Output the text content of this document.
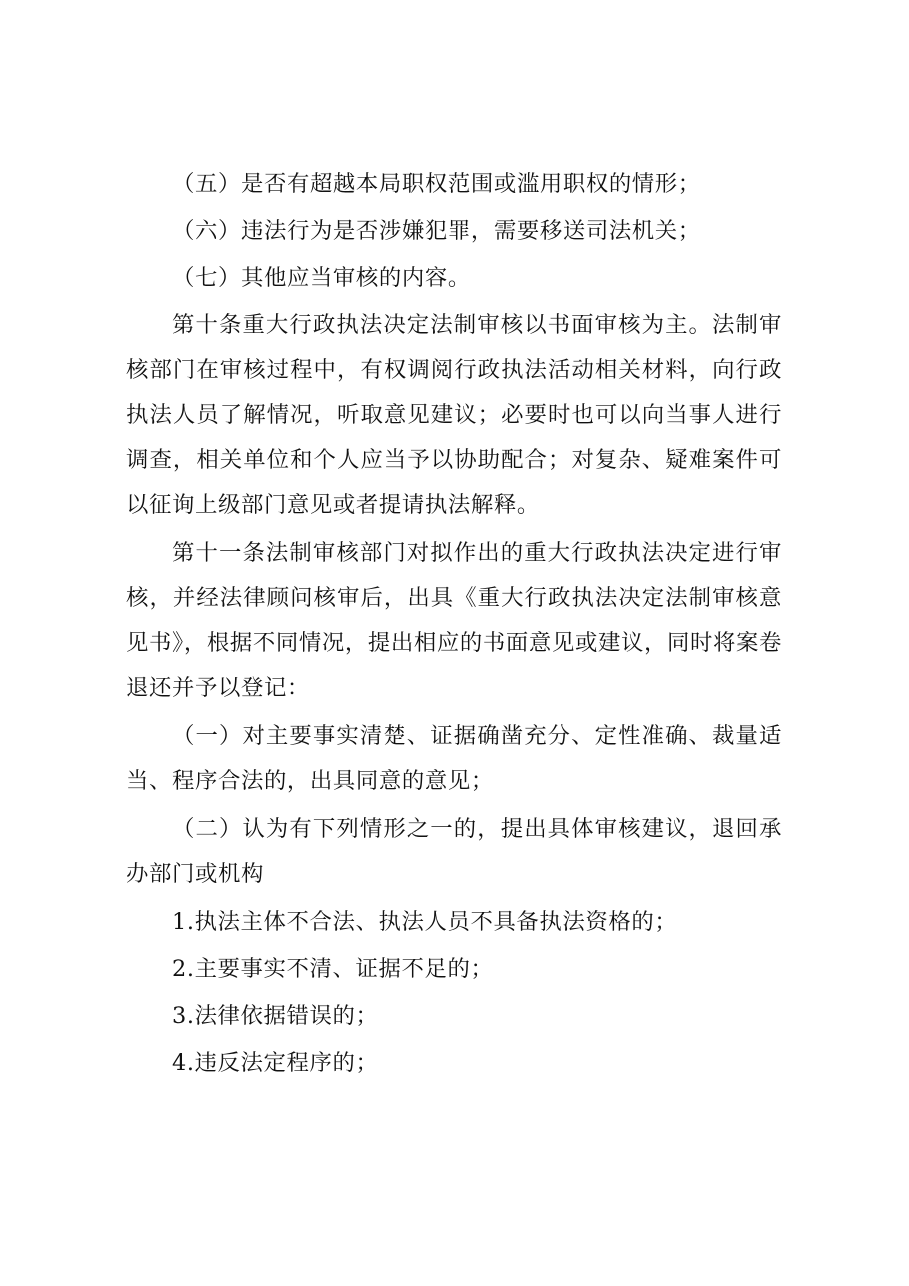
（五）是否有超越本局职权范围或滥用职权的情形；

（六）违法行为是否涉嫌犯罪，需要移送司法机关；

（七）其他应当审核的内容。

第十条重大行政执法决定法制审核以书面审核为主。法制审核部门在审核过程中，有权调阅行政执法活动相关材料，向行政执法人员了解情况，听取意见建议；必要时也可以向当事人进行调查，相关单位和个人应当予以协助配合；对复杂、疑难案件可以征询上级部门意见或者提请执法解释。

第十一条法制审核部门对拟作出的重大行政执法决定进行审核，并经法律顾问核审后，出具《重大行政执法决定法制审核意见书》，根据不同情况，提出相应的书面意见或建议，同时将案卷退还并予以登记：

（一）对主要事实清楚、证据确凿充分、定性准确、裁量适当、程序合法的，出具同意的意见；

（二）认为有下列情形之一的，提出具体审核建议，退回承办部门或机构

1.执法主体不合法、执法人员不具备执法资格的；

2.主要事实不清、证据不足的；

3.法律依据错误的；

4.违反法定程序的；
